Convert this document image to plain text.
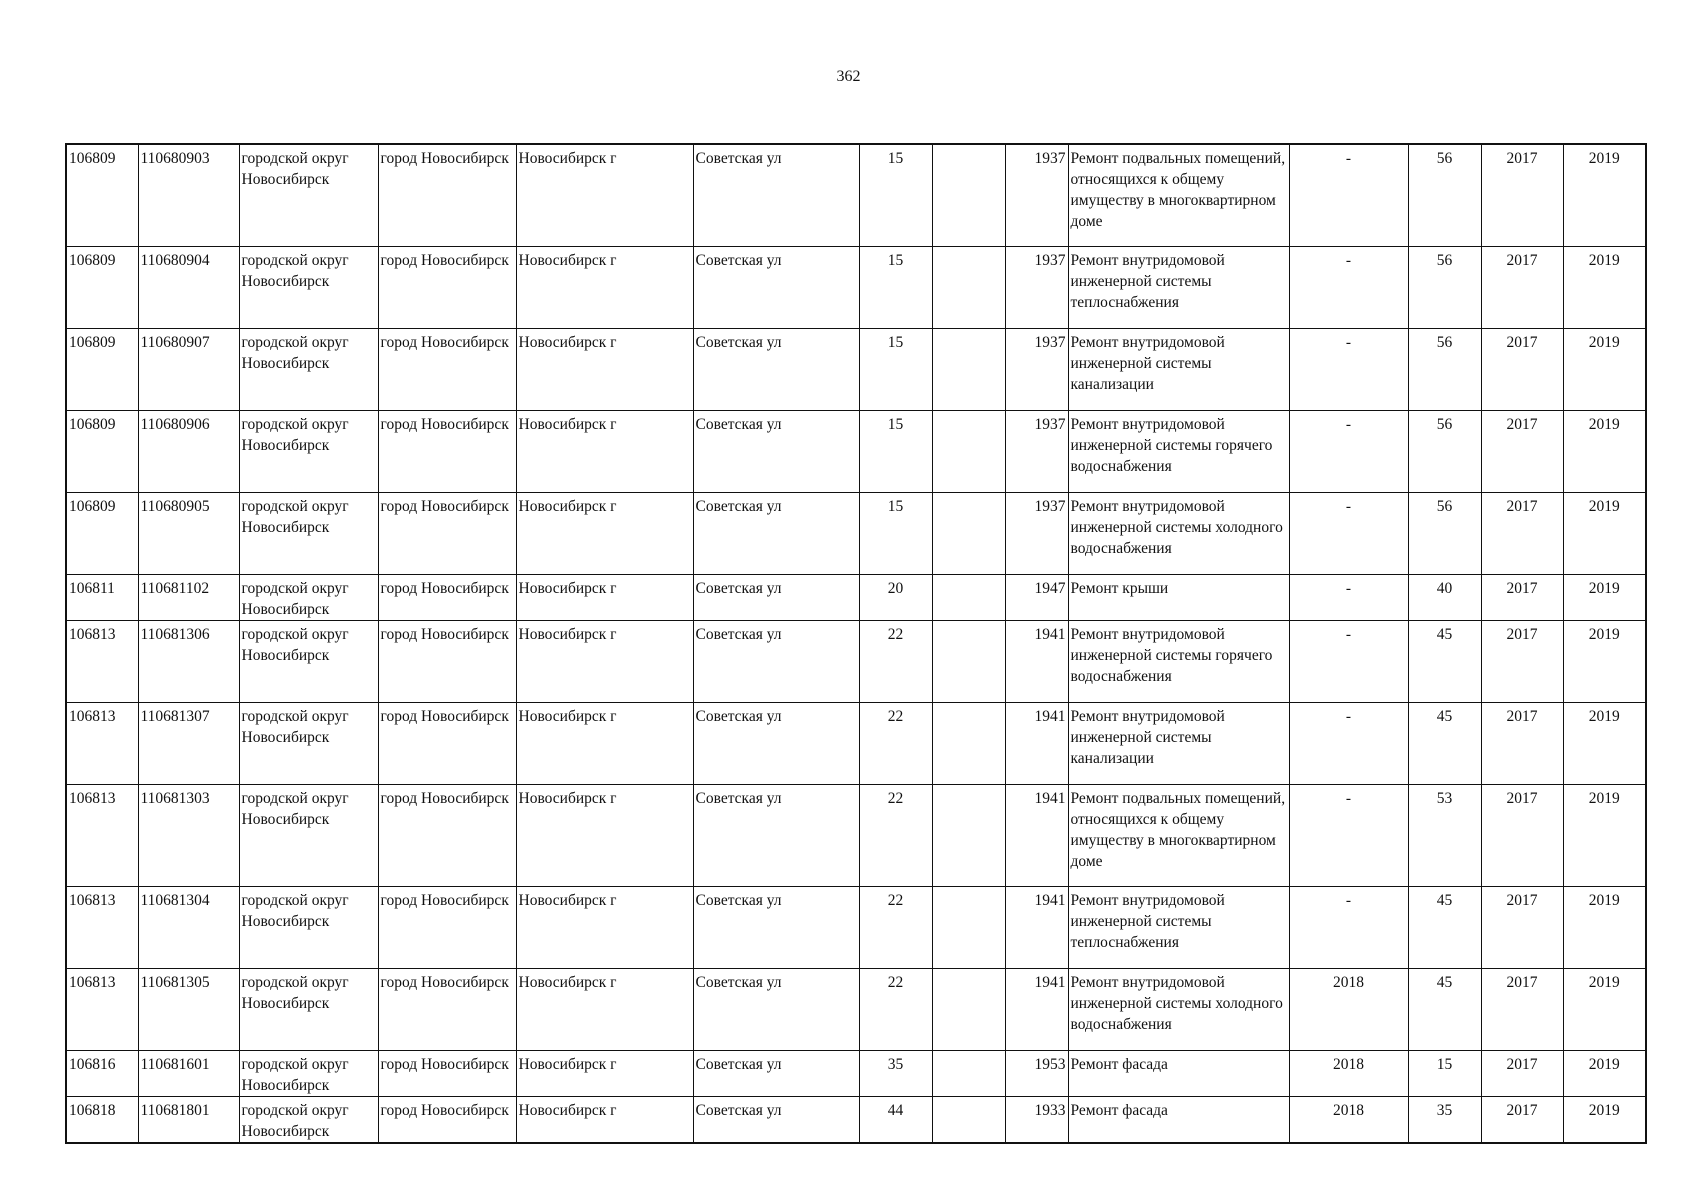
362
106809	110680903	городской округ Новосибирск	город Новосибирск	Новосибирск г	Советская ул	15		1937	Ремонт подвальных помещений, относящихся к общему имуществу в многоквартирном доме	-	56	2017	2019
106809	110680904	городской округ Новосибирск	город Новосибирск	Новосибирск г	Советская ул	15		1937	Ремонт внутридомовой инженерной системы теплоснабжения	-	56	2017	2019
106809	110680907	городской округ Новосибирск	город Новосибирск	Новосибирск г	Советская ул	15		1937	Ремонт внутридомовой инженерной системы канализации	-	56	2017	2019
106809	110680906	городской округ Новосибирск	город Новосибирск	Новосибирск г	Советская ул	15		1937	Ремонт внутридомовой инженерной системы горячего водоснабжения	-	56	2017	2019
106809	110680905	городской округ Новосибирск	город Новосибирск	Новосибирск г	Советская ул	15		1937	Ремонт внутридомовой инженерной системы холодного водоснабжения	-	56	2017	2019
106811	110681102	городской округ Новосибирск	город Новосибирск	Новосибирск г	Советская ул	20		1947	Ремонт крыши	-	40	2017	2019
106813	110681306	городской округ Новосибирск	город Новосибирск	Новосибирск г	Советская ул	22		1941	Ремонт внутридомовой инженерной системы горячего водоснабжения	-	45	2017	2019
106813	110681307	городской округ Новосибирск	город Новосибирск	Новосибирск г	Советская ул	22		1941	Ремонт внутридомовой инженерной системы канализации	-	45	2017	2019
106813	110681303	городской округ Новосибирск	город Новосибирск	Новосибирск г	Советская ул	22		1941	Ремонт подвальных помещений, относящихся к общему имуществу в многоквартирном доме	-	53	2017	2019
106813	110681304	городской округ Новосибирск	город Новосибирск	Новосибирск г	Советская ул	22		1941	Ремонт внутридомовой инженерной системы теплоснабжения	-	45	2017	2019
106813	110681305	городской округ Новосибирск	город Новосибирск	Новосибирск г	Советская ул	22		1941	Ремонт внутридомовой инженерной системы холодного водоснабжения	2018	45	2017	2019
106816	110681601	городской округ Новосибирск	город Новосибирск	Новосибирск г	Советская ул	35		1953	Ремонт фасада	2018	15	2017	2019
106818	110681801	городской округ Новосибирск	город Новосибирск	Новосибирск г	Советская ул	44		1933	Ремонт фасада	2018	35	2017	2019
